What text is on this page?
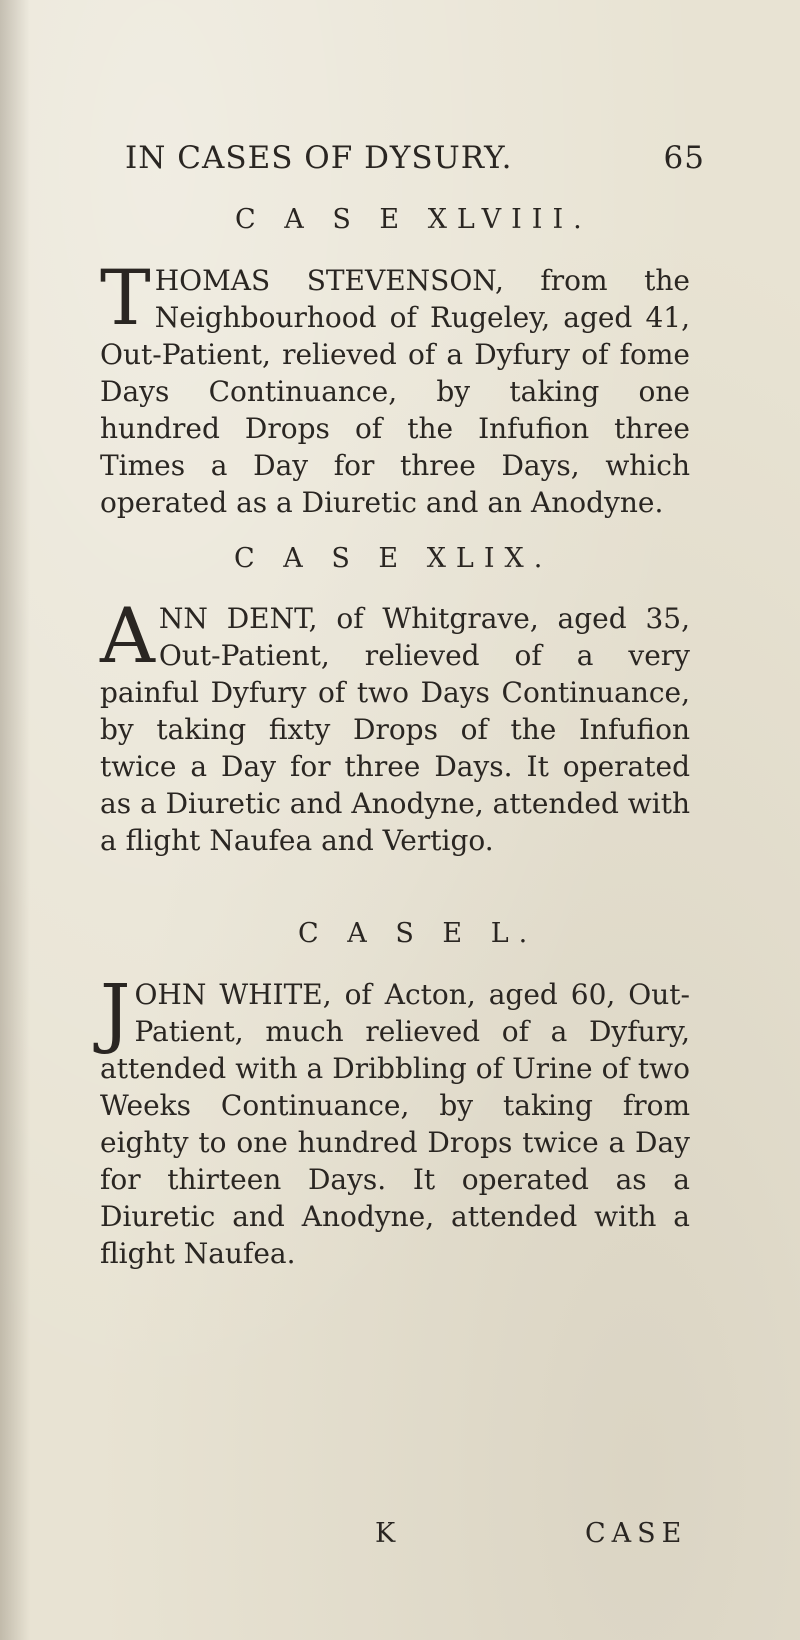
IN CASES OF DYSURY.	65
C A S E XLVIII.

THOMAS STEVENSON, from the Neighbourhood of Rugeley, aged 41, Out-Patient, relieved of a Dyfury of fome Days Continuance, by taking one hundred Drops of the Infufion three Times a Day for three Days, which operated as a Diuretic and an Anodyne.

C A S E XLIX.

ANN DENT, of Whitgrave, aged 35, Out-Patient, relieved of a very painful Dyfury of two Days Continuance, by taking fixty Drops of the Infufion twice a Day for three Days. It operated as a Diuretic and Anodyne, attended with a flight Naufea and Vertigo.

C A S E L.

JOHN WHITE, of Acton, aged 60, Out-Patient, much relieved of a Dyfury, attended with a Dribbling of Urine of two Weeks Continuance, by taking from eighty to one hundred Drops twice a Day for thirteen Days. It operated as a Diuretic and Anodyne, attended with a flight Naufea.

K	CASE
